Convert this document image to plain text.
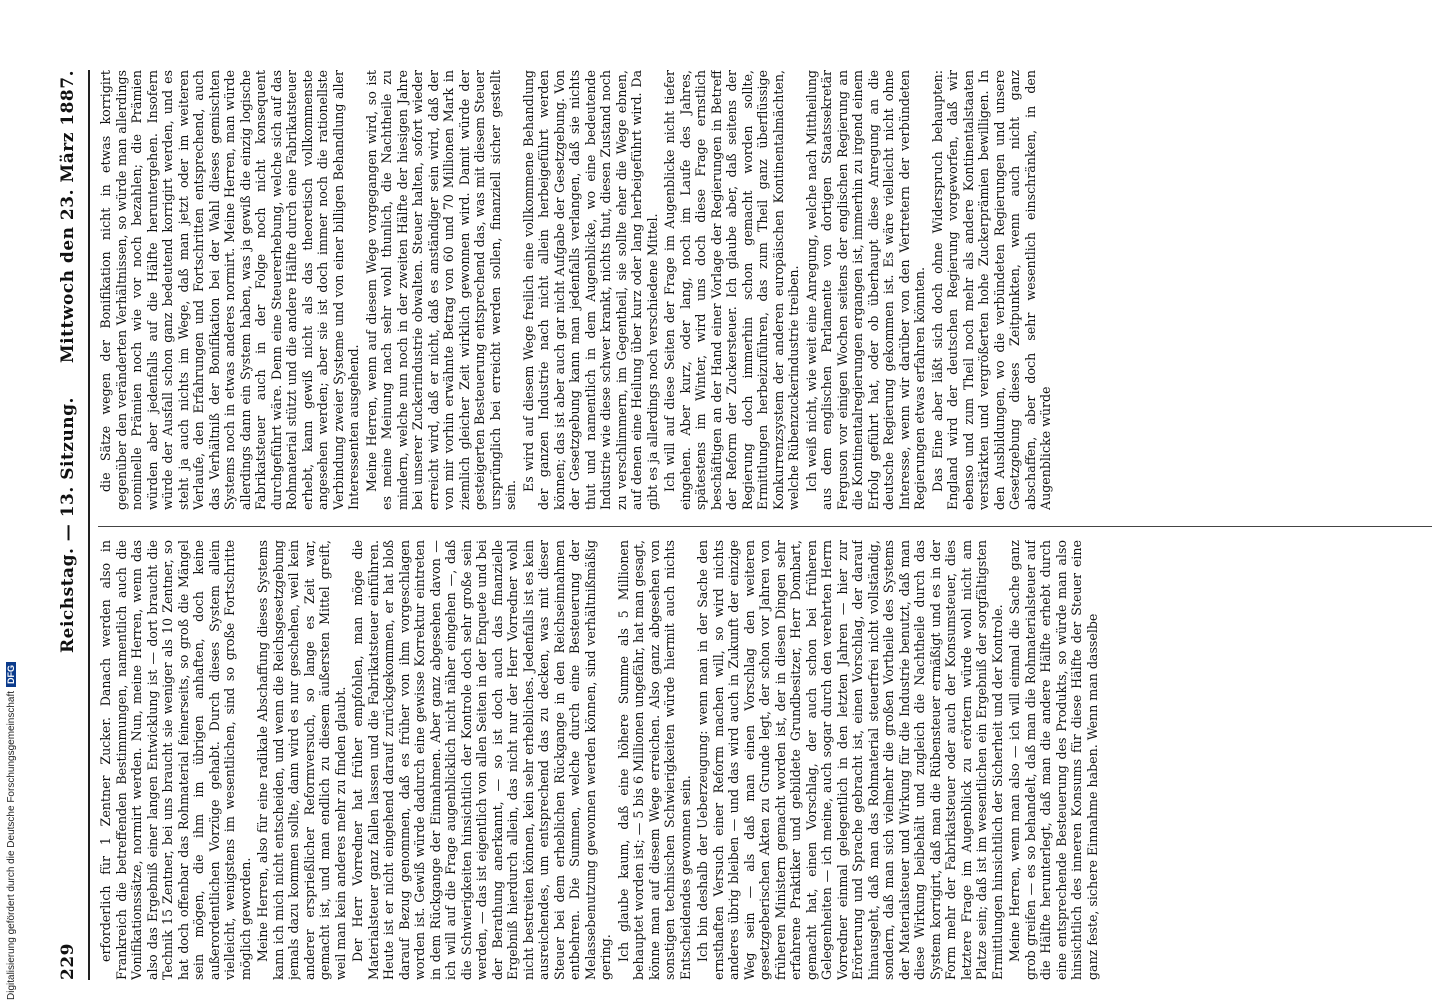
229
Reichstag. — 13. Sitzung.
Mittwoch den 23. März 1887.

erforderlich für 1 Zentner Zucker. Danach werden also in Frankreich die betreffenden Bestimmungen, namentlich auch die Vonifikationssätze, normirt werden. Nun, meine Herren, wenn das also das Ergebniß einer langen Entwicklung ist — dort braucht die Technik 15 Zentner, bei uns braucht sie weniger als 10 Zentner, so hat doch offenbar das Rohmaterial feinerseits, so groß die Mängel sein mögen, die ihm im übrigen anhaften, doch keine außerordentlichen Vorzüge gehabt. Durch dieses System allein vielleicht, wenigstens im wesentlichen, sind so große Fortschritte möglich geworden. Meine Herren, also für eine radikale Abschaffung dieses Systems kann ich mich nicht entscheiden, und wenn die Reichsgesetzgebung jemals dazu kommen sollte, dann wird es nur geschehen, weil kein anderer ersprießlicher Reformversuch, so lange es Zeit war, gemacht ist, und man endlich zu diesem äußersten Mittel greift, weil man kein anderes mehr zu finden glaubt. Der Herr Vorredner hat früher empfohlen, man möge die Materialsteuer ganz fallen lassen und die Fabrikatsteuer einführen. Heute ist er nicht eingehend darauf zurückgekommen, er hat bloß darauf Bezug genommen, daß es früher von ihm vorgeschlagen worden ist. Gewiß würde dadurch eine gewisse Korrektur eintreten in dem Rückgange der Einnahmen. Aber ganz abgesehen davon — ich will auf die Frage augenblicklich nicht näher eingehen —, daß die Schwierigkeiten hinsichtlich der Kontrole doch sehr große sein werden, — das ist eigentlich von allen Seiten in der Enquete und bei der Berathung anerkannt, — so ist doch auch das finanzielle Ergebniß hierdurch allein, das nicht nur der Herr Vorredner wohl nicht bestreiten können, kein sehr erhebliches. Jedenfalls ist es kein ausreichendes, um entsprechend das zu decken, was mit dieser Steuer bei dem erheblichen Rückgange in den Reichseinnahmen entbehren. Die Summen, welche durch eine Besteuerung der Melassebenutzung gewonnen werden können, sind verhältnißmäßig gering. Ich glaube kaum, daß eine höhere Summe als 5 Millionen behauptet worden ist; — 5 bis 6 Millionen ungefähr, hat man gesagt, könne man auf diesem Wege erreichen. Also ganz abgesehen von sonstigen technischen Schwierigkeiten würde hiermit auch nichts Entscheidendes gewonnen sein. Ich bin deshalb der Ueberzeugung: wenn man in der Sache den ernsthaften Versuch einer Reform machen will, so wird nichts anderes übrig bleiben — und das wird auch in Zukunft der einzige Weg sein — als daß man einen Vorschlag den weiteren gesetzgeberischen Akten zu Grunde legt, der schon vor Jahren von früheren Ministern gemacht worden ist, der in diesen Dingen sehr erfahrene Praktiker und gebildete Grundbesitzer, Herr Dombart, gemacht hat, einen Vorschlag, der auch schon bei früheren Gelegenheiten — ich meine, auch sogar durch den verehrten Herrn Vorredner einmal gelegentlich in den letzten Jahren — hier zur Erörterung und Sprache gebracht ist, einen Vorschlag, der darauf hinausgeht, daß man das Rohmaterial steuerfrei nicht vollständig, sondern, daß man sich vielmehr die großen Vortheile des Systems der Materialsteuer und Wirkung für die Industrie benutzt, daß man diese Wirkung beibehält und zugleich die Nachtheile durch das System korrigirt, daß man die Rübensteuer ermäßigt und es in der Form mehr der Fabrikatsteuer oder auch der Konsumsteuer, dies letztere Frage im Augenblick zu erörtern würde wohl nicht am Platze sein; daß ist im wesentlichen ein Ergebniß der sorgfältigsten Ermittlungen hinsichtlich der Sicherheit und der Kontrole. Meine Herren, wenn man also — ich will einmal die Sache ganz grob greifen — es so behandelt, daß man die Rohmaterialsteuer auf die Hälfte herunterlegt, daß man die andere Hälfte erhebt durch eine entsprechende Besteuerung des Produkts, so würde man also hinsichtlich des inneren Konsums für diese Hälfte der Steuer eine ganz feste, sichere Einnahme haben. Wenn man dasselbe

die Sätze wegen der Bonifikation nicht in etwas korrigirt gegenüber den veränderten Verhältnissen, so würde man allerdings nominelle Prämien noch wie vor noch bezahlen; die Prämien würden aber jedenfalls auf die Hälfte heruntergehen. Insofern würde der Ausfall schon ganz bedeutend korrigirt werden, und es steht ja auch nichts im Wege, daß man jetzt oder im weiteren Verlaufe, den Erfahrungen und Fortschritten entsprechend, auch das Verhältniß der Bonifikation bei der Wahl dieses gemischten Systems noch in etwas anderes normirt. Meine Herren, man würde allerdings dann ein System haben, was ja gewiß die einzig logische Fabrikatsteuer auch in der Folge noch nicht konsequent durchgeführt wäre. Denn eine Steuererhebung, welche sich auf das Rohmaterial stützt und die andere Hälfte durch eine Fabrikatsteuer erhebt, kann gewiß nicht als das theoretisch vollkommenste angesehen werden; aber sie ist doch immer noch die rationellste Verbindung zweier Systeme und von einer billigen Behandlung aller Interessenten ausgehend. Meine Herren, wenn auf diesem Wege vorgegangen wird, so ist es meine Meinung nach sehr wohl thunlich, die Nachtheile zu mindern, welche nun noch in der zweiten Hälfte der hiesigen Jahre bei unserer Zuckerindustrie obwalten. Steuer halten, sofort wieder erreicht wird, daß er nicht, daß es anständiger sein wird, daß der von mir vorhin erwähnte Betrag von 60 und 70 Millionen Mark in ziemlich gleicher Zeit wirklich gewonnen wird. Damit würde der gesteigerten Besteuerung entsprechend das, was mit diesem Steuer ursprünglich bei erreicht werden sollen, finanziell sicher gestellt sein.

Es wird auf diesem Wege freilich eine vollkommene Behandlung der ganzen Industrie nach nicht allein herbeigeführt werden können; das ist aber auch gar nicht Aufgabe der Gesetzgebung. Von der Gesetzgebung kann man jedenfalls verlangen, daß sie nichts thut und namentlich in dem Augenblicke, wo eine bedeutende Industrie wie diese schwer krankt, nichts thut, diesen Zustand noch zu verschlimmern, im Gegentheil, sie sollte eher die Wege ebnen, auf denen eine Heilung über kurz oder lang herbeigeführt wird. Da gibt es ja allerdings noch verschiedene Mittel. Ich will auf diese Seiten der Frage im Augenblicke nicht tiefer eingehen. Aber kurz, oder lang, noch im Laufe des Jahres, spätestens im Winter, wird uns doch diese Frage ernstlich beschäftigen an der Hand einer Vorlage der Regierungen in Betreff der Reform der Zuckersteuer. Ich glaube aber, daß seitens der Regierung doch immerhin schon gemacht worden sollte, Ermittlungen herbeizuführen, das zum Theil ganz überflüssige Konkurrenzsystem der anderen europäischen Kontinentalmächten, welche Rübenzuckerindustrie treiben. Ich weiß nicht, wie weit eine Anregung, welche nach Mittheilung aus dem englischen Parlamente von dortigen Staatssekretär Ferguson vor einigen Wochen seitens der englischen Regierung an die Kontinentalregierungen ergangen ist, immerhin zu irgend einem Erfolg geführt hat, oder ob überhaupt diese Anregung an die deutsche Regierung gekommen ist. Es wäre vielleicht nicht ohne Interesse, wenn wir darüber von den Vertretern der verbündeten Regierungen etwas erfahren könnten. Das Eine aber läßt sich doch ohne Widerspruch behaupten: England wird der deutschen Regierung vorgeworfen, daß wir ebenso und zum Theil noch mehr als andere Kontinentalstaaten verstärkten und vergrößerten hohe Zuckerprämien bewilligen. In den Ausbildungen, wo die verbündeten Regierungen und unsere Gesetzgebung dieses Zeitpunkten, wenn auch nicht ganz abschaffen, aber doch sehr wesentlich einschränken, in den Augenblicke würde

Digitalisierung gefördert durch die Deutsche ForschungsgemeinschaftDFG
